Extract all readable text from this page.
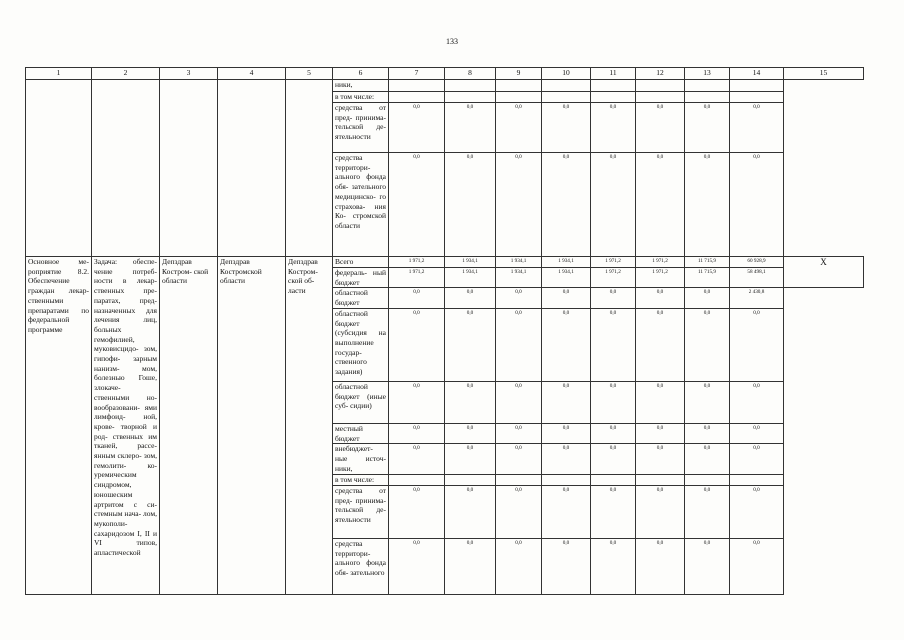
133
1	2	3	4	5	6	7	8	9	10	11	12	13	14	15
					ники,									
					в том числе:									
					средства от пред- принима- тельской де- ятельности	0,0	0,0	0,0	0,0	0,0	0,0	0,0	0,0	

					средства территори- ального фонда обя- зательного медицинско- го страхова- ния Ко- стромской области	0,0	0,0	0,0	0,0	0,0	0,0	0,0	0,0	

Основное ме- роприятие 8.2. Обеспечение граждан лекар- ственными препаратами по федеральной программе	Задача: обеспе- чение потреб- ности в лекар- ственных пре- паратах, пред- назначенных для лечения лиц, больных гемофилией, муковисцидо- зом, гипофи- зарным нанизм- мом, болезнью Гоше, злокаче- ственными но- вообразовани- ями лимфоид- ной, крове- творной и род- ственных им тканей, рассе- янным склеро- зом, гемолити- ко- уремическим синдромом, юношеским артритом с си- стемным нача- лом, мукополи- сахаридозом I, II и VI типов, апластической	Депздрав Костром- ской области	Депздрав Костромской области	Депздрав Костром- ской об- ласти	Всего	1 971,2	1 934,1	1 934,1	1 934,1	1 971,2	1 971,2	11 715,9	60 928,9	X
					федераль- ный бюджет	1 971,2	1 934,1	1 934,1	1 934,1	1 971,2	1 971,2	11 715,9	58 498,1	

					областной бюджет	0,0	0,0	0,0	0,0	0,0	0,0	0,0	2 430,8	

					областной бюджет (субсидия на выполнение государ- ственного задания)	0,0	0,0	0,0	0,0	0,0	0,0	0,0	0,0	

					областной бюджет (иные суб- сидии)	0,0	0,0	0,0	0,0	0,0	0,0	0,0	0,0	

					местный бюджет	0,0	0,0	0,0	0,0	0,0	0,0	0,0	0,0	

					внебюджет- ные источ- ники,	0,0	0,0	0,0	0,0	0,0	0,0	0,0	0,0	

					в том числе:									
					средства от пред- принима- тельской де- ятельности	0,0	0,0	0,0	0,0	0,0	0,0	0,0	0,0	

					средства территори- ального фонда обя- зательного	0,0	0,0	0,0	0,0	0,0	0,0	0,0	0,0	
